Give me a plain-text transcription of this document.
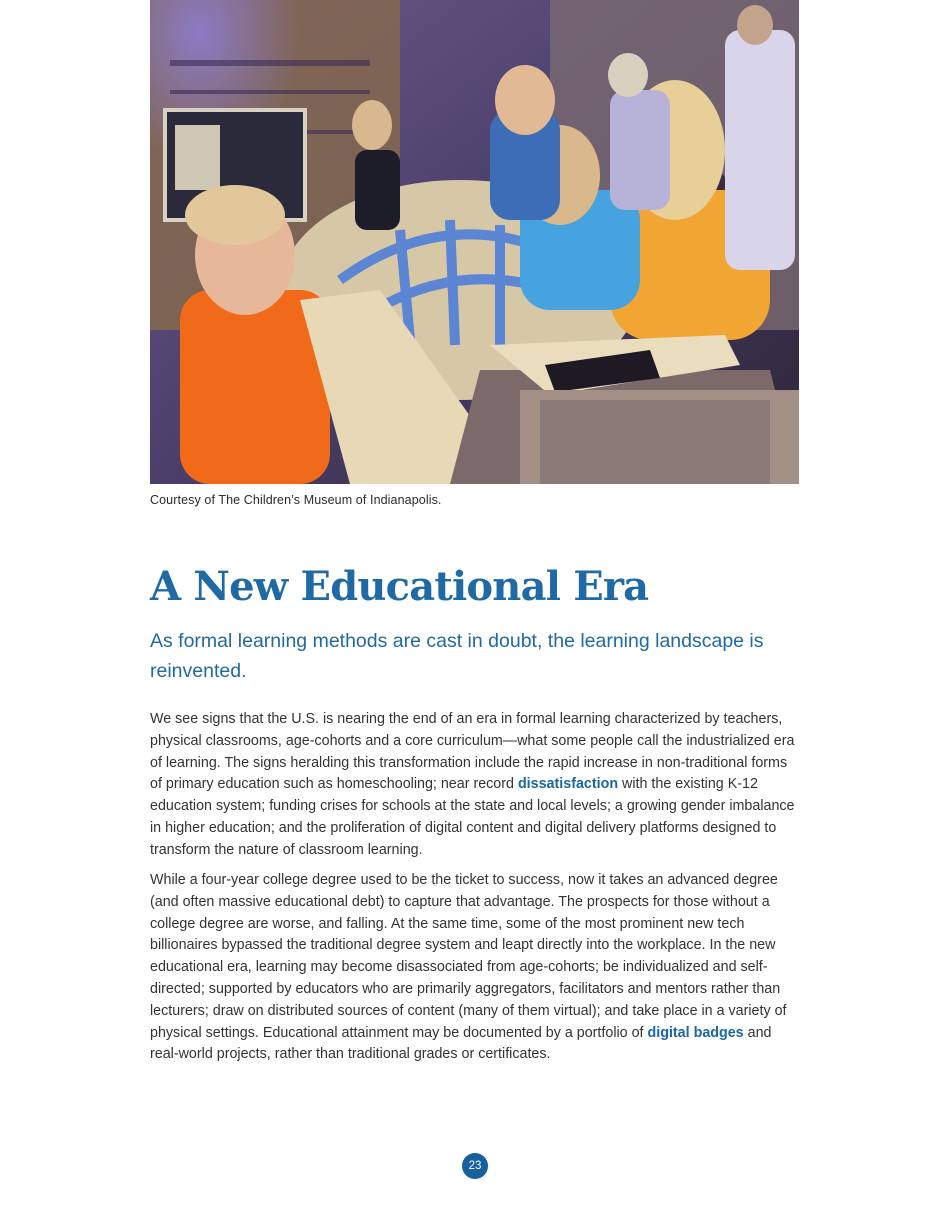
Courtesy of The Children’s Museum of Indianapolis.
A New Educational Era
As formal learning methods are cast in doubt, the learning landscape is reinvented.

We see signs that the U.S. is nearing the end of an era in formal learning characterized by teachers, physical classrooms, age-cohorts and a core curriculum—what some people call the industrialized era of learning. The signs heralding this transformation include the rapid increase in non-traditional forms of primary education such as homeschooling; near record dissatisfaction with the existing K-12 education system; funding crises for schools at the state and local levels; a growing gender imbalance in higher education; and the proliferation of digital content and digital delivery platforms designed to transform the nature of classroom learning.

While a four-year college degree used to be the ticket to success, now it takes an advanced degree (and often massive educational debt) to capture that advantage. The prospects for those without a college degree are worse, and falling. At the same time, some of the most prominent new tech billionaires bypassed the traditional degree system and leapt directly into the workplace. In the new educational era, learning may become disassociated from age-cohorts; be individualized and self-directed; supported by educators who are primarily aggregators, facilitators and mentors rather than lecturers; draw on distributed sources of content (many of them virtual); and take place in a variety of physical settings. Educational attainment may be documented by a portfolio of digital badges and real-world projects, rather than traditional grades or certificates.

23
